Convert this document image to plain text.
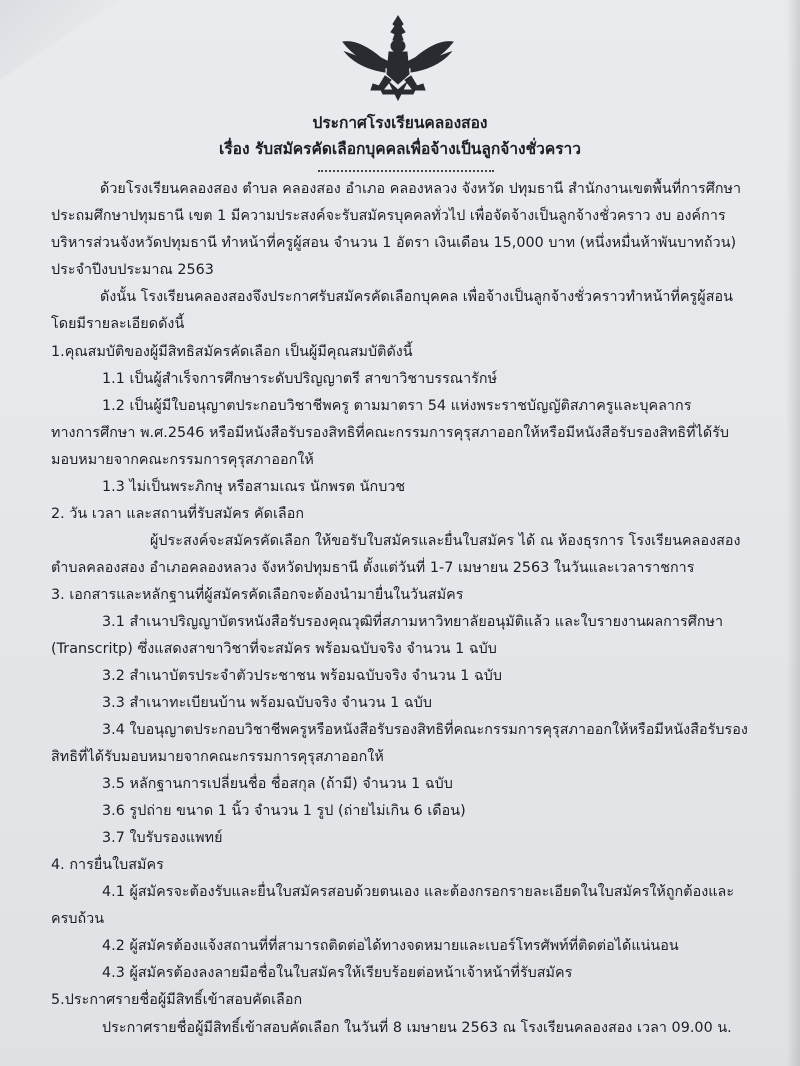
ประกาศโรงเรียนคลองสอง
เรื่อง รับสมัครคัดเลือกบุคคลเพื่อจ้างเป็นลูกจ้างชั่วคราว
ด้วยโรงเรียนคลองสอง ตำบล คลองสอง อำเภอ คลองหลวง จังหวัด ปทุมธานี สำนักงานเขตพื้นที่การศึกษา
ประถมศึกษาปทุมธานี เขต 1 มีความประสงค์จะรับสมัครบุคคลทั่วไป เพื่อจัดจ้างเป็นลูกจ้างชั่วคราว งบ องค์การ
บริหารส่วนจังหวัดปทุมธานี ทำหน้าที่ครูผู้สอน จำนวน 1 อัตรา เงินเดือน 15,000 บาท (หนึ่งหมื่นห้าพันบาทถ้วน)
ประจำปีงบประมาณ 2563
ดังนั้น โรงเรียนคลองสองจึงประกาศรับสมัครคัดเลือกบุคคล เพื่อจ้างเป็นลูกจ้างชั่วคราวทำหน้าที่ครูผู้สอน
โดยมีรายละเอียดดังนี้
1.คุณสมบัติของผู้มีสิทธิสมัครคัดเลือก เป็นผู้มีคุณสมบัติดังนี้
1.1 เป็นผู้สำเร็จการศึกษาระดับปริญญาตรี สาขาวิชาบรรณารักษ์
1.2 เป็นผู้มีใบอนุญาตประกอบวิชาชีพครู ตามมาตรา 54 แห่งพระราชบัญญัติสภาครูและบุคลากร
ทางการศึกษา พ.ศ.2546 หรือมีหนังสือรับรองสิทธิที่คณะกรรมการคุรุสภาออกให้หรือมีหนังสือรับรองสิทธิที่ได้รับ
มอบหมายจากคณะกรรมการคุรุสภาออกให้
1.3 ไม่เป็นพระภิกษุ หรือสามเณร นักพรต นักบวช
2. วัน เวลา และสถานที่รับสมัคร คัดเลือก
ผู้ประสงค์จะสมัครคัดเลือก ให้ขอรับใบสมัครและยื่นใบสมัคร ได้ ณ ห้องธุรการ โรงเรียนคลองสอง
ตำบลคลองสอง อำเภอคลองหลวง จังหวัดปทุมธานี ตั้งแต่วันที่ 1-7 เมษายน 2563 ในวันและเวลาราชการ
3. เอกสารและหลักฐานที่ผู้สมัครคัดเลือกจะต้องนำมายื่นในวันสมัคร
3.1 สำเนาปริญญาบัตรหนังสือรับรองคุณวุฒิที่สภามหาวิทยาลัยอนุมัติแล้ว และใบรายงานผลการศึกษา
(Transcritp) ซึ่งแสดงสาขาวิชาที่จะสมัคร พร้อมฉบับจริง จำนวน 1 ฉบับ
3.2 สำเนาบัตรประจำตัวประชาชน พร้อมฉบับจริง จำนวน 1 ฉบับ
3.3 สำเนาทะเบียนบ้าน พร้อมฉบับจริง จำนวน 1 ฉบับ
3.4 ใบอนุญาตประกอบวิชาชีพครูหรือหนังสือรับรองสิทธิที่คณะกรรมการคุรุสภาออกให้หรือมีหนังสือรับรอง
สิทธิที่ได้รับมอบหมายจากคณะกรรมการคุรุสภาออกให้
3.5 หลักฐานการเปลี่ยนชื่อ ชื่อสกุล (ถ้ามี) จำนวน 1 ฉบับ
3.6 รูปถ่าย ขนาด 1 นิ้ว จำนวน 1 รูป (ถ่ายไม่เกิน 6 เดือน)
3.7 ใบรับรองแพทย์
4. การยื่นใบสมัคร
4.1 ผู้สมัครจะต้องรับและยื่นใบสมัครสอบด้วยตนเอง และต้องกรอกรายละเอียดในใบสมัครให้ถูกต้องและ
ครบถ้วน
4.2 ผู้สมัครต้องแจ้งสถานที่ที่สามารถติดต่อได้ทางจดหมายและเบอร์โทรศัพท์ที่ติดต่อได้แน่นอน
4.3 ผู้สมัครต้องลงลายมือชื่อในใบสมัครให้เรียบร้อยต่อหน้าเจ้าหน้าที่รับสมัคร
5.ประกาศรายชื่อผู้มีสิทธิ์เข้าสอบคัดเลือก
ประกาศรายชื่อผู้มีสิทธิ์เข้าสอบคัดเลือก ในวันที่ 8 เมษายน 2563 ณ โรงเรียนคลองสอง เวลา 09.00 น.
